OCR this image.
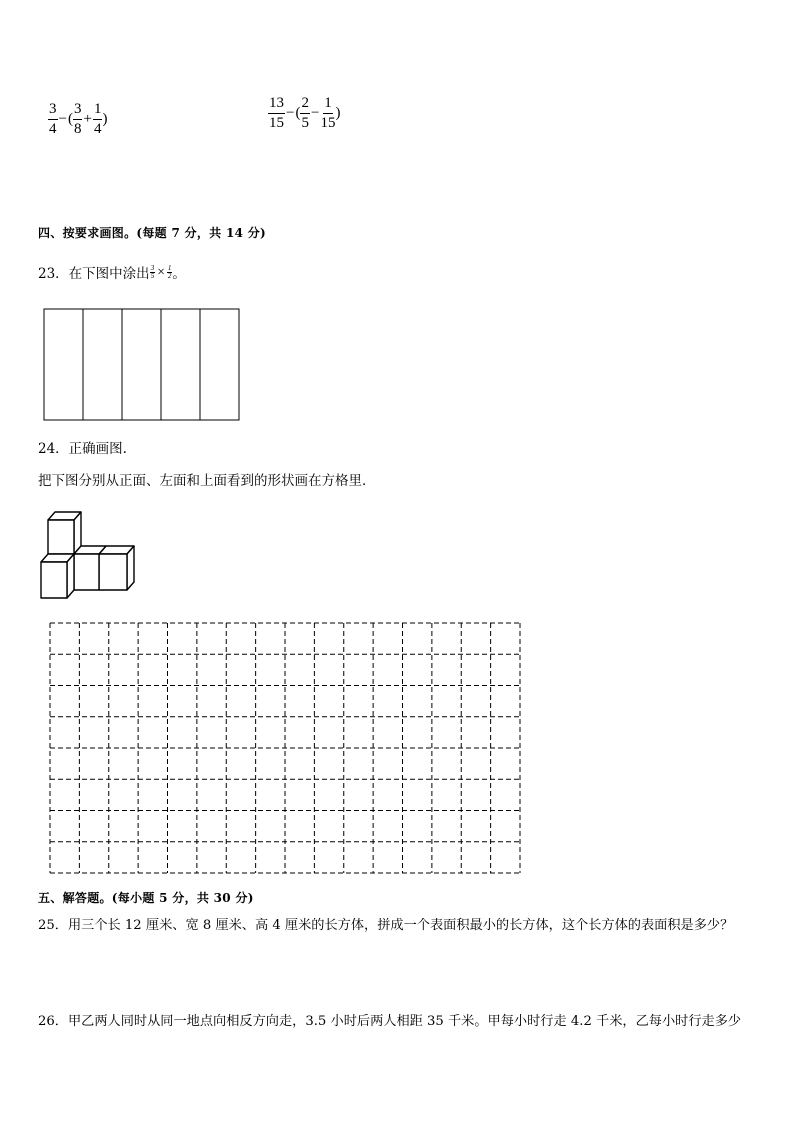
$\frac{3}{4}$ − ( $\frac{3}{8} + \frac{1}{4}$ )	$\frac{13}{15}$ − ( $\frac{2}{5} - \frac{1}{15}$ )
四、按要求画图。(每题 7 分，共 14 分)
23．在下图中涂出 $\frac{3}{5} \times \frac{1}{2}$ 。
24．正确画图.
把下图分别从正面、左面和上面看到的形状画在方格里．
五、解答题。(每小题 5 分，共 30 分)
25．用三个长 12 厘米、宽 8 厘米、高 4 厘米的长方体，拼成一个表面积最小的长方体，这个长方体的表面积是多少？
26．甲乙两人同时从同一地点向相反方向走，3.5 小时后两人相距 35 千米。甲每小时行走 4.2 千米，乙每小时行走多少
